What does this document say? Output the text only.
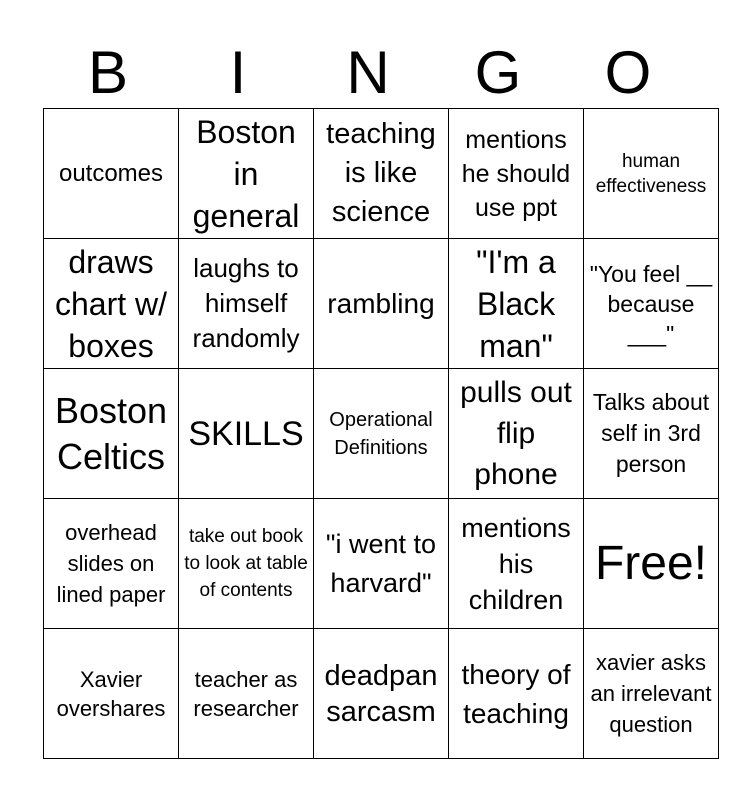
B	I	N	G	O
outcomes	Boston in general	teaching is like science	mentions he should use ppt	human effectiveness

draws chart w/ boxes	laughs to himself randomly	rambling	"I'm a Black man"	"You feel __ because ___"

Boston Celtics	SKILLS	Operational Definitions	pulls out flip phone	Talks about self in 3rd person

overhead slides on lined paper	take out book to look at table of contents	"i went to harvard"	mentions his children	Free!

Xavier overshares	teacher as researcher	deadpan sarcasm	theory of teaching	xavier asks an irrelevant question
